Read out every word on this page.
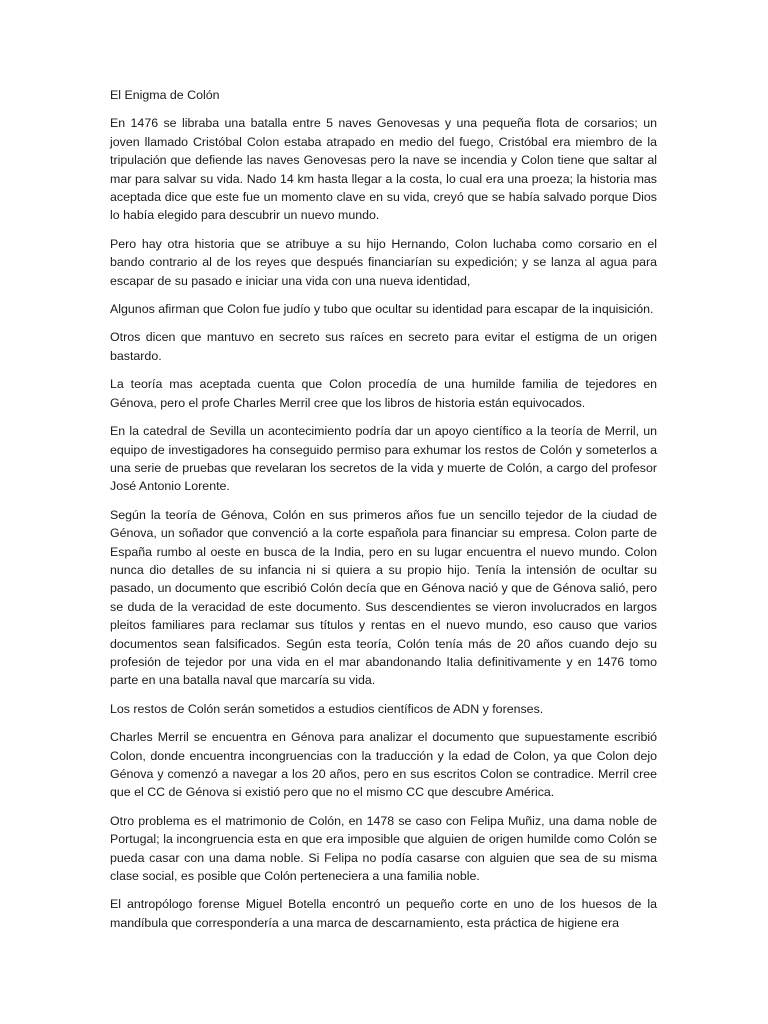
El Enigma de Colón

En 1476 se libraba una batalla entre 5 naves Genovesas y una pequeña flota de corsarios; un joven llamado Cristóbal Colon estaba atrapado en medio del fuego, Cristóbal era miembro de la tripulación que defiende las naves Genovesas pero la nave se incendia y Colon tiene que saltar al mar para salvar su vida. Nado 14 km hasta llegar a la costa, lo cual era una proeza; la historia mas aceptada dice que este fue un momento clave en su vida, creyó que se había salvado porque Dios lo había elegido para descubrir un nuevo mundo.

Pero hay otra historia que se atribuye a su hijo Hernando, Colon luchaba como corsario en el bando contrario al de los reyes que después financiarían su expedición; y se lanza al agua para escapar de su pasado e iniciar una vida con una nueva identidad,

Algunos afirman que Colon fue judío y tubo que ocultar su identidad para escapar de la inquisición.

Otros dicen que mantuvo en secreto sus raíces en secreto para evitar el estigma de un origen bastardo.

La teoría mas aceptada cuenta que Colon procedía de una humilde familia de tejedores en Génova, pero el profe Charles Merril cree que los libros de historia están equivocados.

En la catedral de Sevilla un acontecimiento podría dar un apoyo científico a la teoría de Merril, un equipo de investigadores ha conseguido permiso para exhumar los restos de Colón y someterlos a una serie de pruebas que revelaran los secretos de la vida y muerte de Colón, a cargo del profesor José Antonio Lorente.

Según la teoría de Génova, Colón en sus primeros años fue un sencillo tejedor de la ciudad de Génova, un soñador que convenció a la corte española para financiar su empresa. Colon parte de España rumbo al oeste en busca de la India, pero en su lugar encuentra el nuevo mundo. Colon nunca dio detalles de su infancia ni si quiera a su propio hijo. Tenía la intensión de ocultar su pasado, un documento que escribió Colón decía que en Génova nació y que de Génova salió, pero se duda de la veracidad de este documento. Sus descendientes se vieron involucrados en largos pleitos familiares para reclamar sus títulos y rentas en el nuevo mundo, eso causo que varios documentos sean falsificados. Según esta teoría, Colón tenía más de 20 años cuando dejo su profesión de tejedor por una vida en el mar abandonando Italia definitivamente y en 1476 tomo parte en una batalla naval que marcaría su vida.

Los restos de Colón serán sometidos a estudios científicos de ADN y forenses.

Charles Merril se encuentra en Génova para analizar el documento que supuestamente escribió Colon, donde encuentra incongruencias con la traducción y la edad de Colon, ya que Colon dejo Génova y comenzó a navegar a los 20 años, pero en sus escritos Colon se contradice. Merril cree que el CC de Génova si existió pero que no el mismo CC que descubre América.

Otro problema es el matrimonio de Colón, en 1478 se caso con Felipa Muñiz, una dama noble de Portugal; la incongruencia esta en que era imposible que alguien de origen humilde como Colón se pueda casar con una dama noble. Si Felipa no podía casarse con alguien que sea de su misma clase social, es posible que Colón perteneciera a una familia noble.

El antropólogo forense Miguel Botella encontró un pequeño corte en uno de los huesos de la mandíbula que correspondería a una marca de descarnamiento, esta práctica de higiene era
